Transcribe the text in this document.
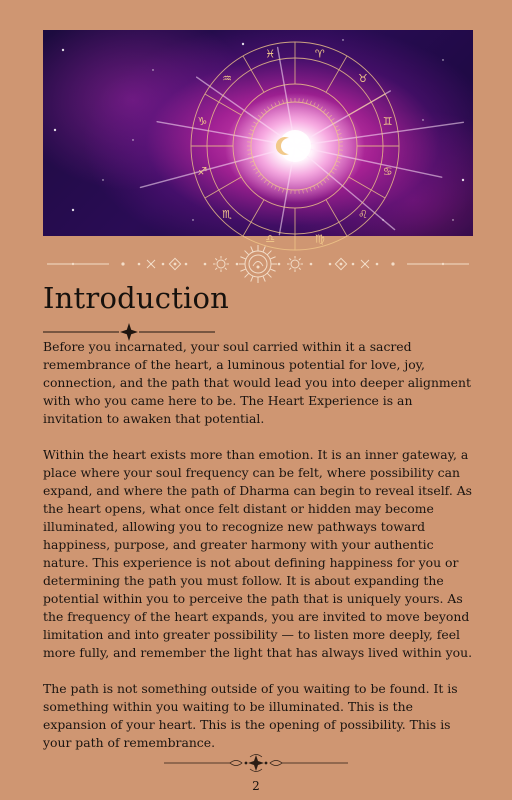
♈
♉
♊
♋
♌
♍
♎
♏
♐
♑
♒
♓
Introduction

Before you incarnated, your soul carried within it a sacred remembrance of the heart, a luminous potential for love, joy, connection, and the path that would lead you into deeper alignment with who you came here to be. The Heart Experience is an invitation to awaken that potential.

Within the heart exists more than emotion. It is an inner gateway, a place where your soul frequency can be felt, where possibility can expand, and where the path of Dharma can begin to reveal itself. As the heart opens, what once felt distant or hidden may become illuminated, allowing you to recognize new pathways toward happiness, purpose, and greater harmony with your authentic nature. This experience is not about defining happiness for you or determining the path you must follow. It is about expanding the potential within you to perceive the path that is uniquely yours. As the frequency of the heart expands, you are invited to move beyond limitation and into greater possibility — to listen more deeply, feel more fully, and remember the light that has always lived within you.

The path is not something outside of you waiting to be found. It is something within you waiting to be illuminated. This is the expansion of your heart. This is the opening of possibility. This is your path of remembrance.

2
